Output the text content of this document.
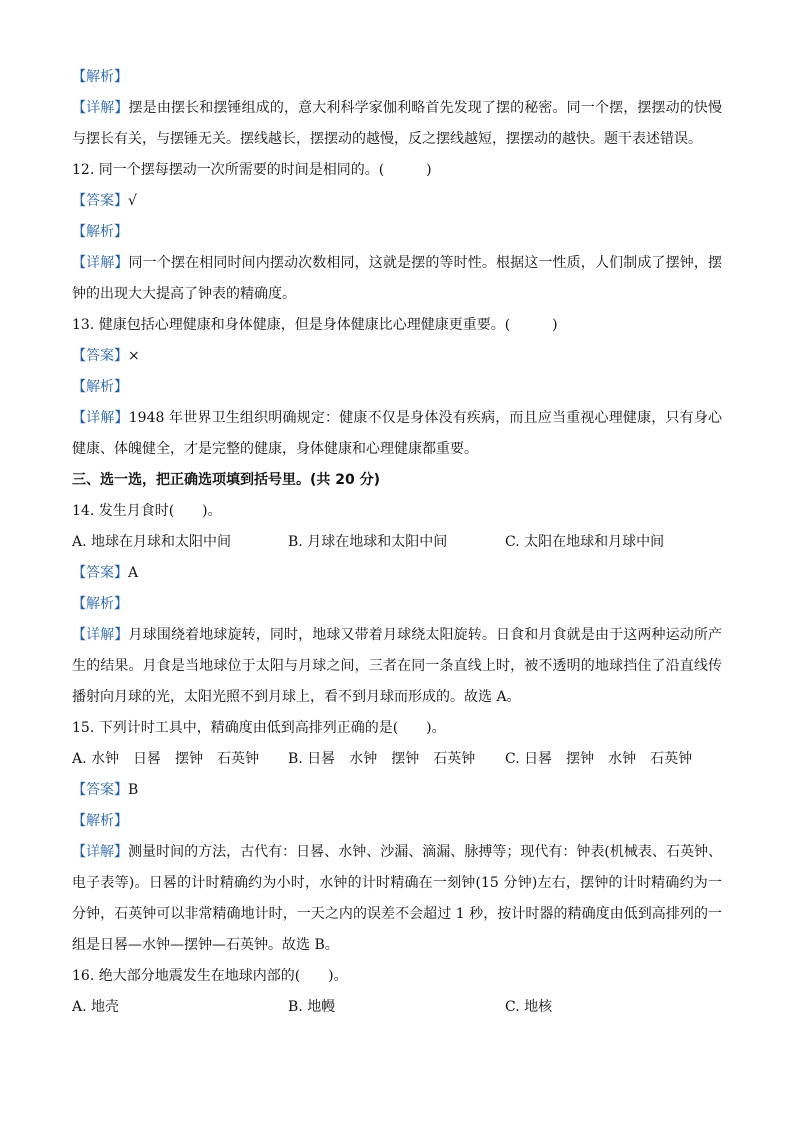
【解析】
【详解】摆是由摆长和摆锤组成的，意大利科学家伽利略首先发现了摆的秘密。同一个摆，摆摆动的快慢与摆长有关，与摆锤无关。摆线越长，摆摆动的越慢，反之摆线越短，摆摆动的越快。题干表述错误。
12. 同一个摆每摆动一次所需要的时间是相同的。(　　　)
【答案】√
【解析】
【详解】同一个摆在相同时间内摆动次数相同，这就是摆的等时性。根据这一性质，人们制成了摆钟，摆钟的出现大大提高了钟表的精确度。
13. 健康包括心理健康和身体健康，但是身体健康比心理健康更重要。(　　　)
【答案】×
【解析】
【详解】1948 年世界卫生组织明确规定：健康不仅是身体没有疾病，而且应当重视心理健康，只有身心健康、体魄健全，才是完整的健康，身体健康和心理健康都重要。
三、选一选，把正确选项填到括号里。(共 20 分)
14. 发生月食时(　　)。
A. 地球在月球和太阳中间	B. 月球在地球和太阳中间	C. 太阳在地球和月球中间
【答案】A
【解析】
【详解】月球围绕着地球旋转，同时，地球又带着月球绕太阳旋转。日食和月食就是由于这两种运动所产生的结果。月食是当地球位于太阳与月球之间，三者在同一条直线上时，被不透明的地球挡住了沿直线传播射向月球的光，太阳光照不到月球上，看不到月球而形成的。故选 A。
15. 下列计时工具中，精确度由低到高排列正确的是(　　)。
A. 水钟　日晷　摆钟　石英钟	B. 日晷　水钟　摆钟　石英钟	C. 日晷　摆钟　水钟　石英钟
【答案】B
【解析】
【详解】测量时间的方法，古代有：日晷、水钟、沙漏、滴漏、脉搏等；现代有：钟表(机械表、石英钟、电子表等)。日晷的计时精确约为小时，水钟的计时精确在一刻钟(15 分钟)左右，摆钟的计时精确约为一分钟，石英钟可以非常精确地计时，一天之内的误差不会超过 1 秒，按计时器的精确度由低到高排列的一组是日晷—水钟—摆钟—石英钟。故选 B。
16. 绝大部分地震发生在地球内部的(　　)。
A. 地壳	B. 地幔	C. 地核
